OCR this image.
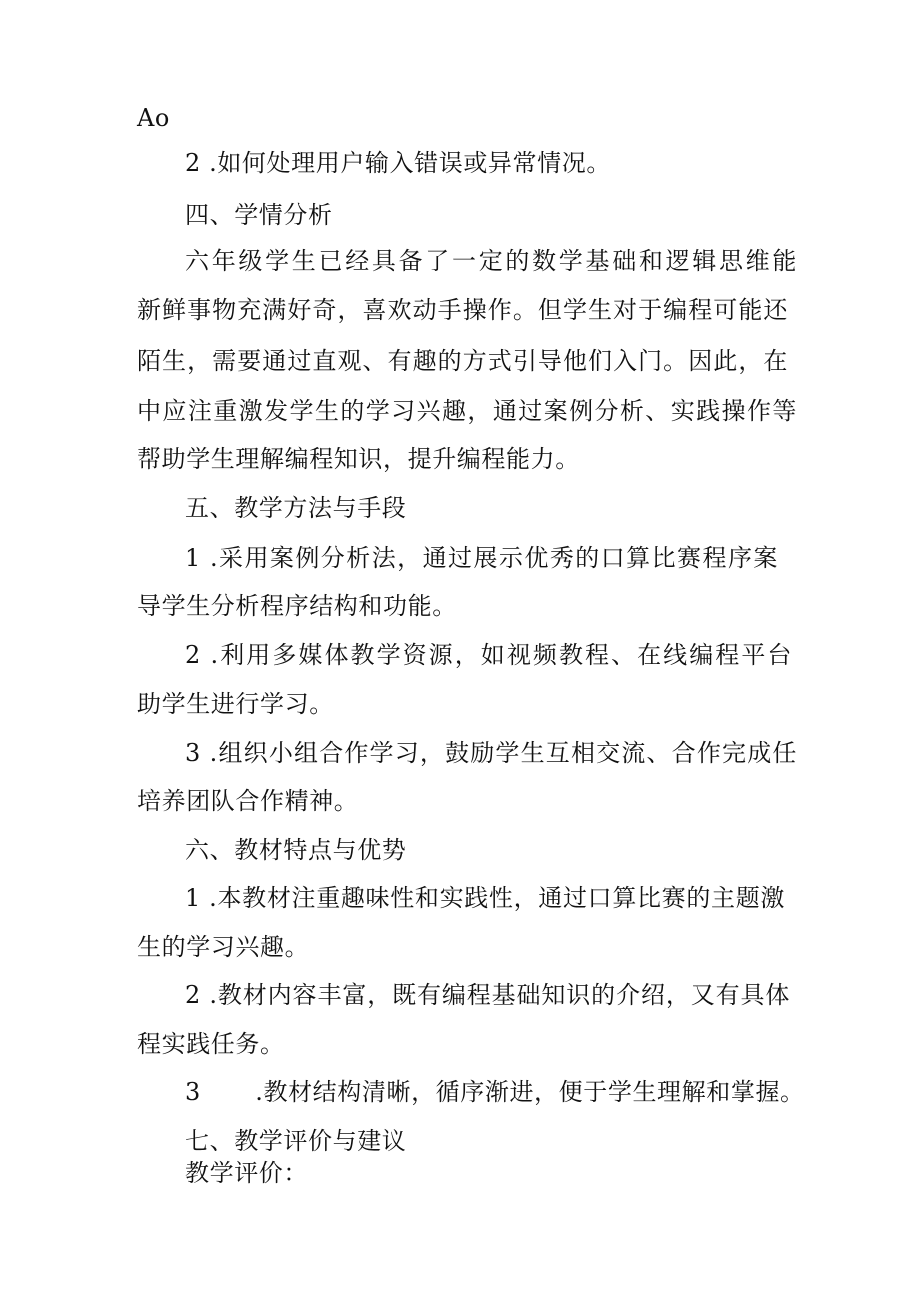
Ao
2 .如何处理用户输入错误或异常情况。
四、学情分析
六年级学生已经具备了一定的数学基础和逻辑思维能
新鲜事物充满好奇，喜欢动手操作。但学生对于编程可能还
陌生，需要通过直观、有趣的方式引导他们入门。因此，在
中应注重激发学生的学习兴趣，通过案例分析、实践操作等
帮助学生理解编程知识，提升编程能力。
五、教学方法与手段
1 .采用案例分析法，通过展示优秀的口算比赛程序案
导学生分析程序结构和功能。
2 .利用多媒体教学资源，如视频教程、在线编程平台
助学生进行学习。
3 .组织小组合作学习，鼓励学生互相交流、合作完成任
培养团队合作精神。
六、教材特点与优势
1 .本教材注重趣味性和实践性，通过口算比赛的主题激
生的学习兴趣。
2 .教材内容丰富，既有编程基础知识的介绍，又有具体
程实践任务。
3 .教材结构清晰，循序渐进，便于学生理解和掌握。
七、教学评价与建议
教学评价：
